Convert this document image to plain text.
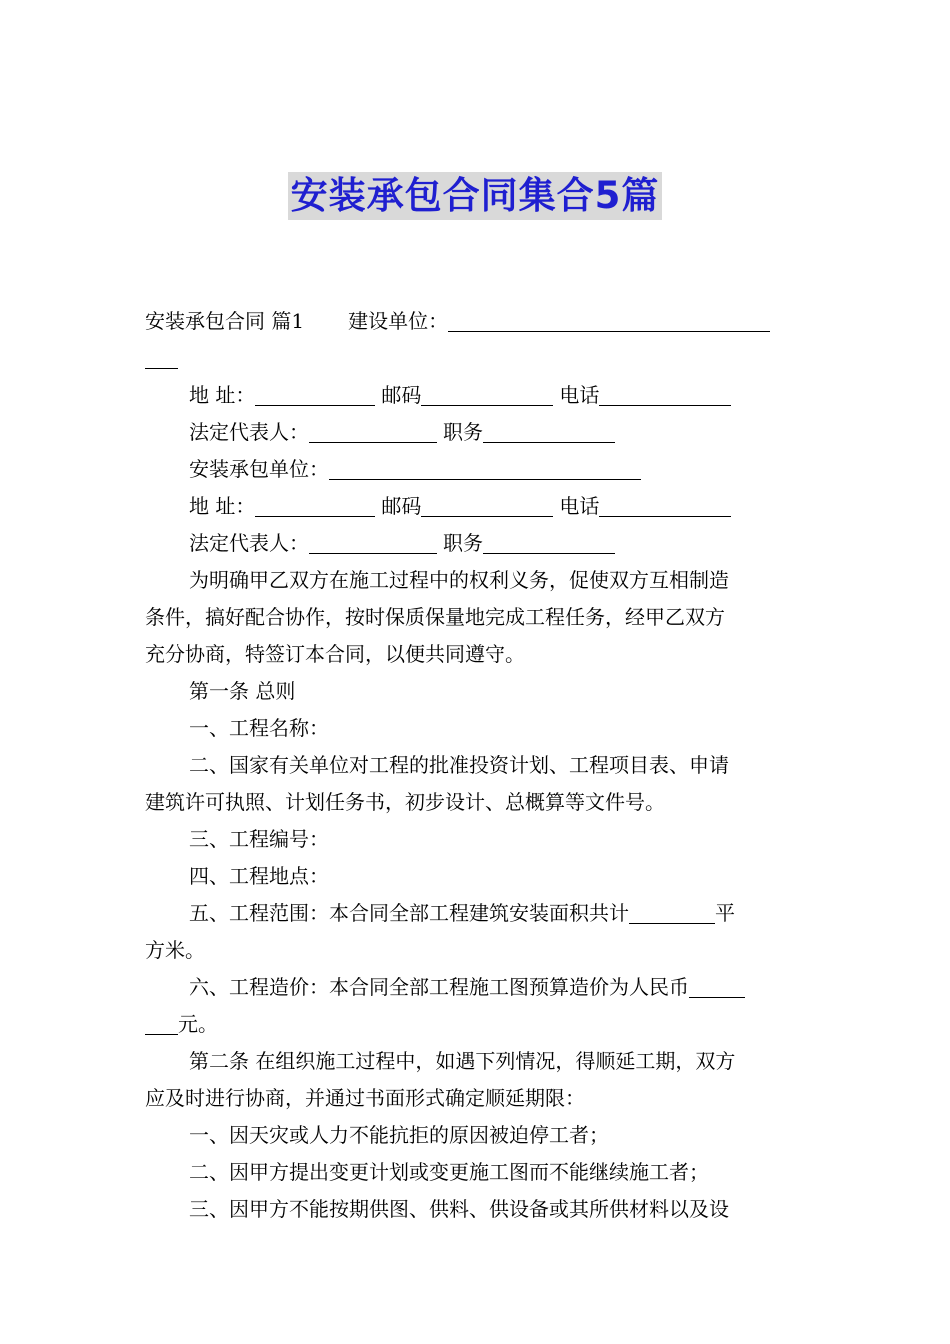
安装承包合同集合5篇
安装承包合同 篇1 建设单位：
地 址：	邮码	电话
法定代表人：	职务
安装承包单位：
地 址：	邮码	电话
法定代表人：	职务
为明确甲乙双方在施工过程中的权利义务，促使双方互相制造
条件，搞好配合协作，按时保质保量地完成工程任务，经甲乙双方
充分协商，特签订本合同，以便共同遵守。
第一条 总则
一、工程名称：
二、国家有关单位对工程的批准投资计划、工程项目表、申请
建筑许可执照、计划任务书，初步设计、总概算等文件号。
三、工程编号：
四、工程地点：
五、工程范围：本合同全部工程建筑安装面积共计	平
方米。
六、工程造价：本合同全部工程施工图预算造价为人民币
元。
第二条 在组织施工过程中，如遇下列情况，得顺延工期，双方
应及时进行协商，并通过书面形式确定顺延期限：
一、因天灾或人力不能抗拒的原因被迫停工者；
二、因甲方提出变更计划或变更施工图而不能继续施工者；
三、因甲方不能按期供图、供料、供设备或其所供材料以及设
